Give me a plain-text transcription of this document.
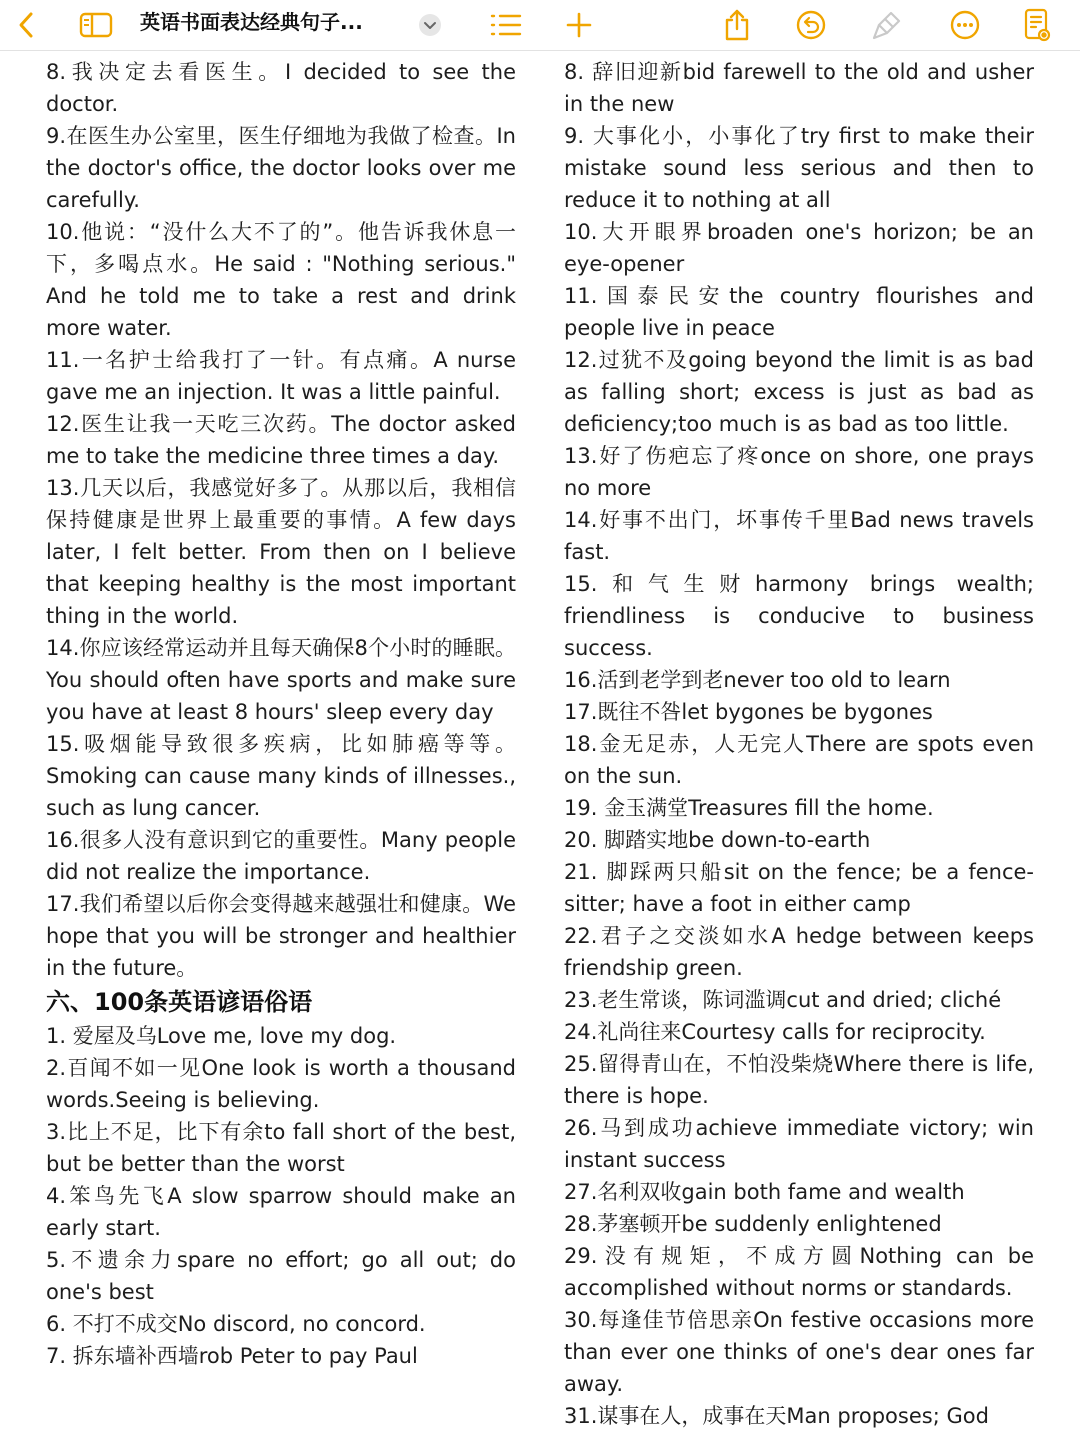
英语书面表达经典句子...

8.我决定去看医生。I decided to see the doctor.

9.在医生办公室里，医生仔细地为我做了检查。In the doctor's office, the doctor looks over me carefully.

10.他说：“没什么大不了的”。他告诉我休息一下，多喝点水。He said : "Nothing serious." And he told me to take a rest and drink more water.

11.一名护士给我打了一针。有点痛。A nurse gave me an injection. It was a little painful.

12.医生让我一天吃三次药。The doctor asked me to take the medicine three times a day.

13.几天以后，我感觉好多了。从那以后，我相信保持健康是世界上最重要的事情。A few days later, I felt better. From then on I believe that keeping healthy is the most important thing in the world.

14.你应该经常运动并且每天确保8个小时的睡眠。You should often have sports and make sure you have at least 8 hours' sleep every day

15.吸烟能导致很多疾病，比如肺癌等等。Smoking can cause many kinds of illnesses., such as lung cancer.

16.很多人没有意识到它的重要性。Many people did not realize the importance.

17.我们希望以后你会变得越来越强壮和健康。We hope that you will be stronger and healthier in the future。

六、100条英语谚语俗语

1. 爱屋及乌Love me, love my dog.

2.百闻不如一见One look is worth a thousand words.Seeing is believing.

3.比上不足，比下有余to fall short of the best, but be better than the worst

4.笨鸟先飞A slow sparrow should make an early start.

5.不遗余力spare no effort; go all out; do one's best

6. 不打不成交No discord, no concord.

7. 拆东墙补西墙rob Peter to pay Paul

8. 辞旧迎新bid farewell to the old and usher in the new

9. 大事化小，小事化了try first to make their mistake sound less serious and then to reduce it to nothing at all

10.大开眼界broaden one's horizon; be an eye-opener

11.国泰民安the country flourishes and people live in peace

12.过犹不及going beyond the limit is as bad as falling short; excess is just as bad as deficiency;too much is as bad as too little.

13.好了伤疤忘了疼once on shore, one prays no more

14.好事不出门，坏事传千里Bad news travels fast.

15.和气生财harmony brings wealth; friendliness is conducive to business success.

16.活到老学到老never too old to learn

17.既往不咎let bygones be bygones

18.金无足赤，人无完人There are spots even on the sun.

19. 金玉满堂Treasures fill the home.

20. 脚踏实地be down-to-earth

21. 脚踩两只船sit on the fence; be a fence-sitter; have a foot in either camp

22.君子之交淡如水A hedge between keeps friendship green.

23.老生常谈，陈词滥调cut and dried; cliché

24.礼尚往来Courtesy calls for reciprocity.

25.留得青山在，不怕没柴烧Where there is life, there is hope.

26.马到成功achieve immediate victory; win instant success

27.名利双收gain both fame and wealth

28.茅塞顿开be suddenly enlightened

29.没有规矩，不成方圆Nothing can be accomplished without norms or standards.

30.每逢佳节倍思亲On festive occasions more than ever one thinks of one's dear ones far away.

31.谋事在人，成事在天Man proposes; God
